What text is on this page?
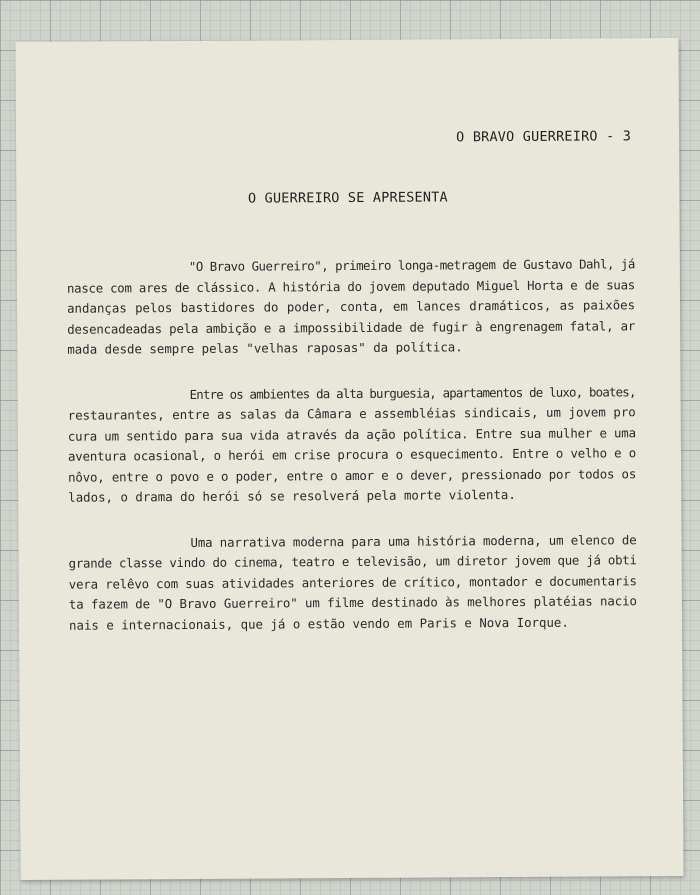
O BRAVO GUERREIRO - 3
O GUERREIRO SE APRESENTA

"O Bravo Guerreiro", primeiro longa-metragem de Gustavo Dahl, já
nasce com ares de clássico. A história do jovem deputado Miguel Horta e de suas
andanças pelos bastidores do poder, conta, em lances dramáticos, as paixões
desencadeadas pela ambição e a impossibilidade de fugir à engrenagem fatal, ar
mada desde sempre pelas "velhas raposas" da política.

Entre os ambientes da alta burguesia, apartamentos de luxo, boates,
restaurantes, entre as salas da Câmara e assembléias sindicais, um jovem pro
cura um sentido para sua vida através da ação política. Entre sua mulher e uma
aventura ocasional, o herói em crise procura o esquecimento. Entre o velho e o
nôvo, entre o povo e o poder, entre o amor e o dever, pressionado por todos os
lados, o drama do herói só se resolverá pela morte violenta.

Uma narrativa moderna para uma história moderna, um elenco de
grande classe vindo do cinema, teatro e televisão, um diretor jovem que já obti
vera relêvo com suas atividades anteriores de crítico, montador e documentaris
ta fazem de "O Bravo Guerreiro" um filme destinado às melhores platéias nacio
nais e internacionais, que já o estão vendo em Paris e Nova Iorque.
